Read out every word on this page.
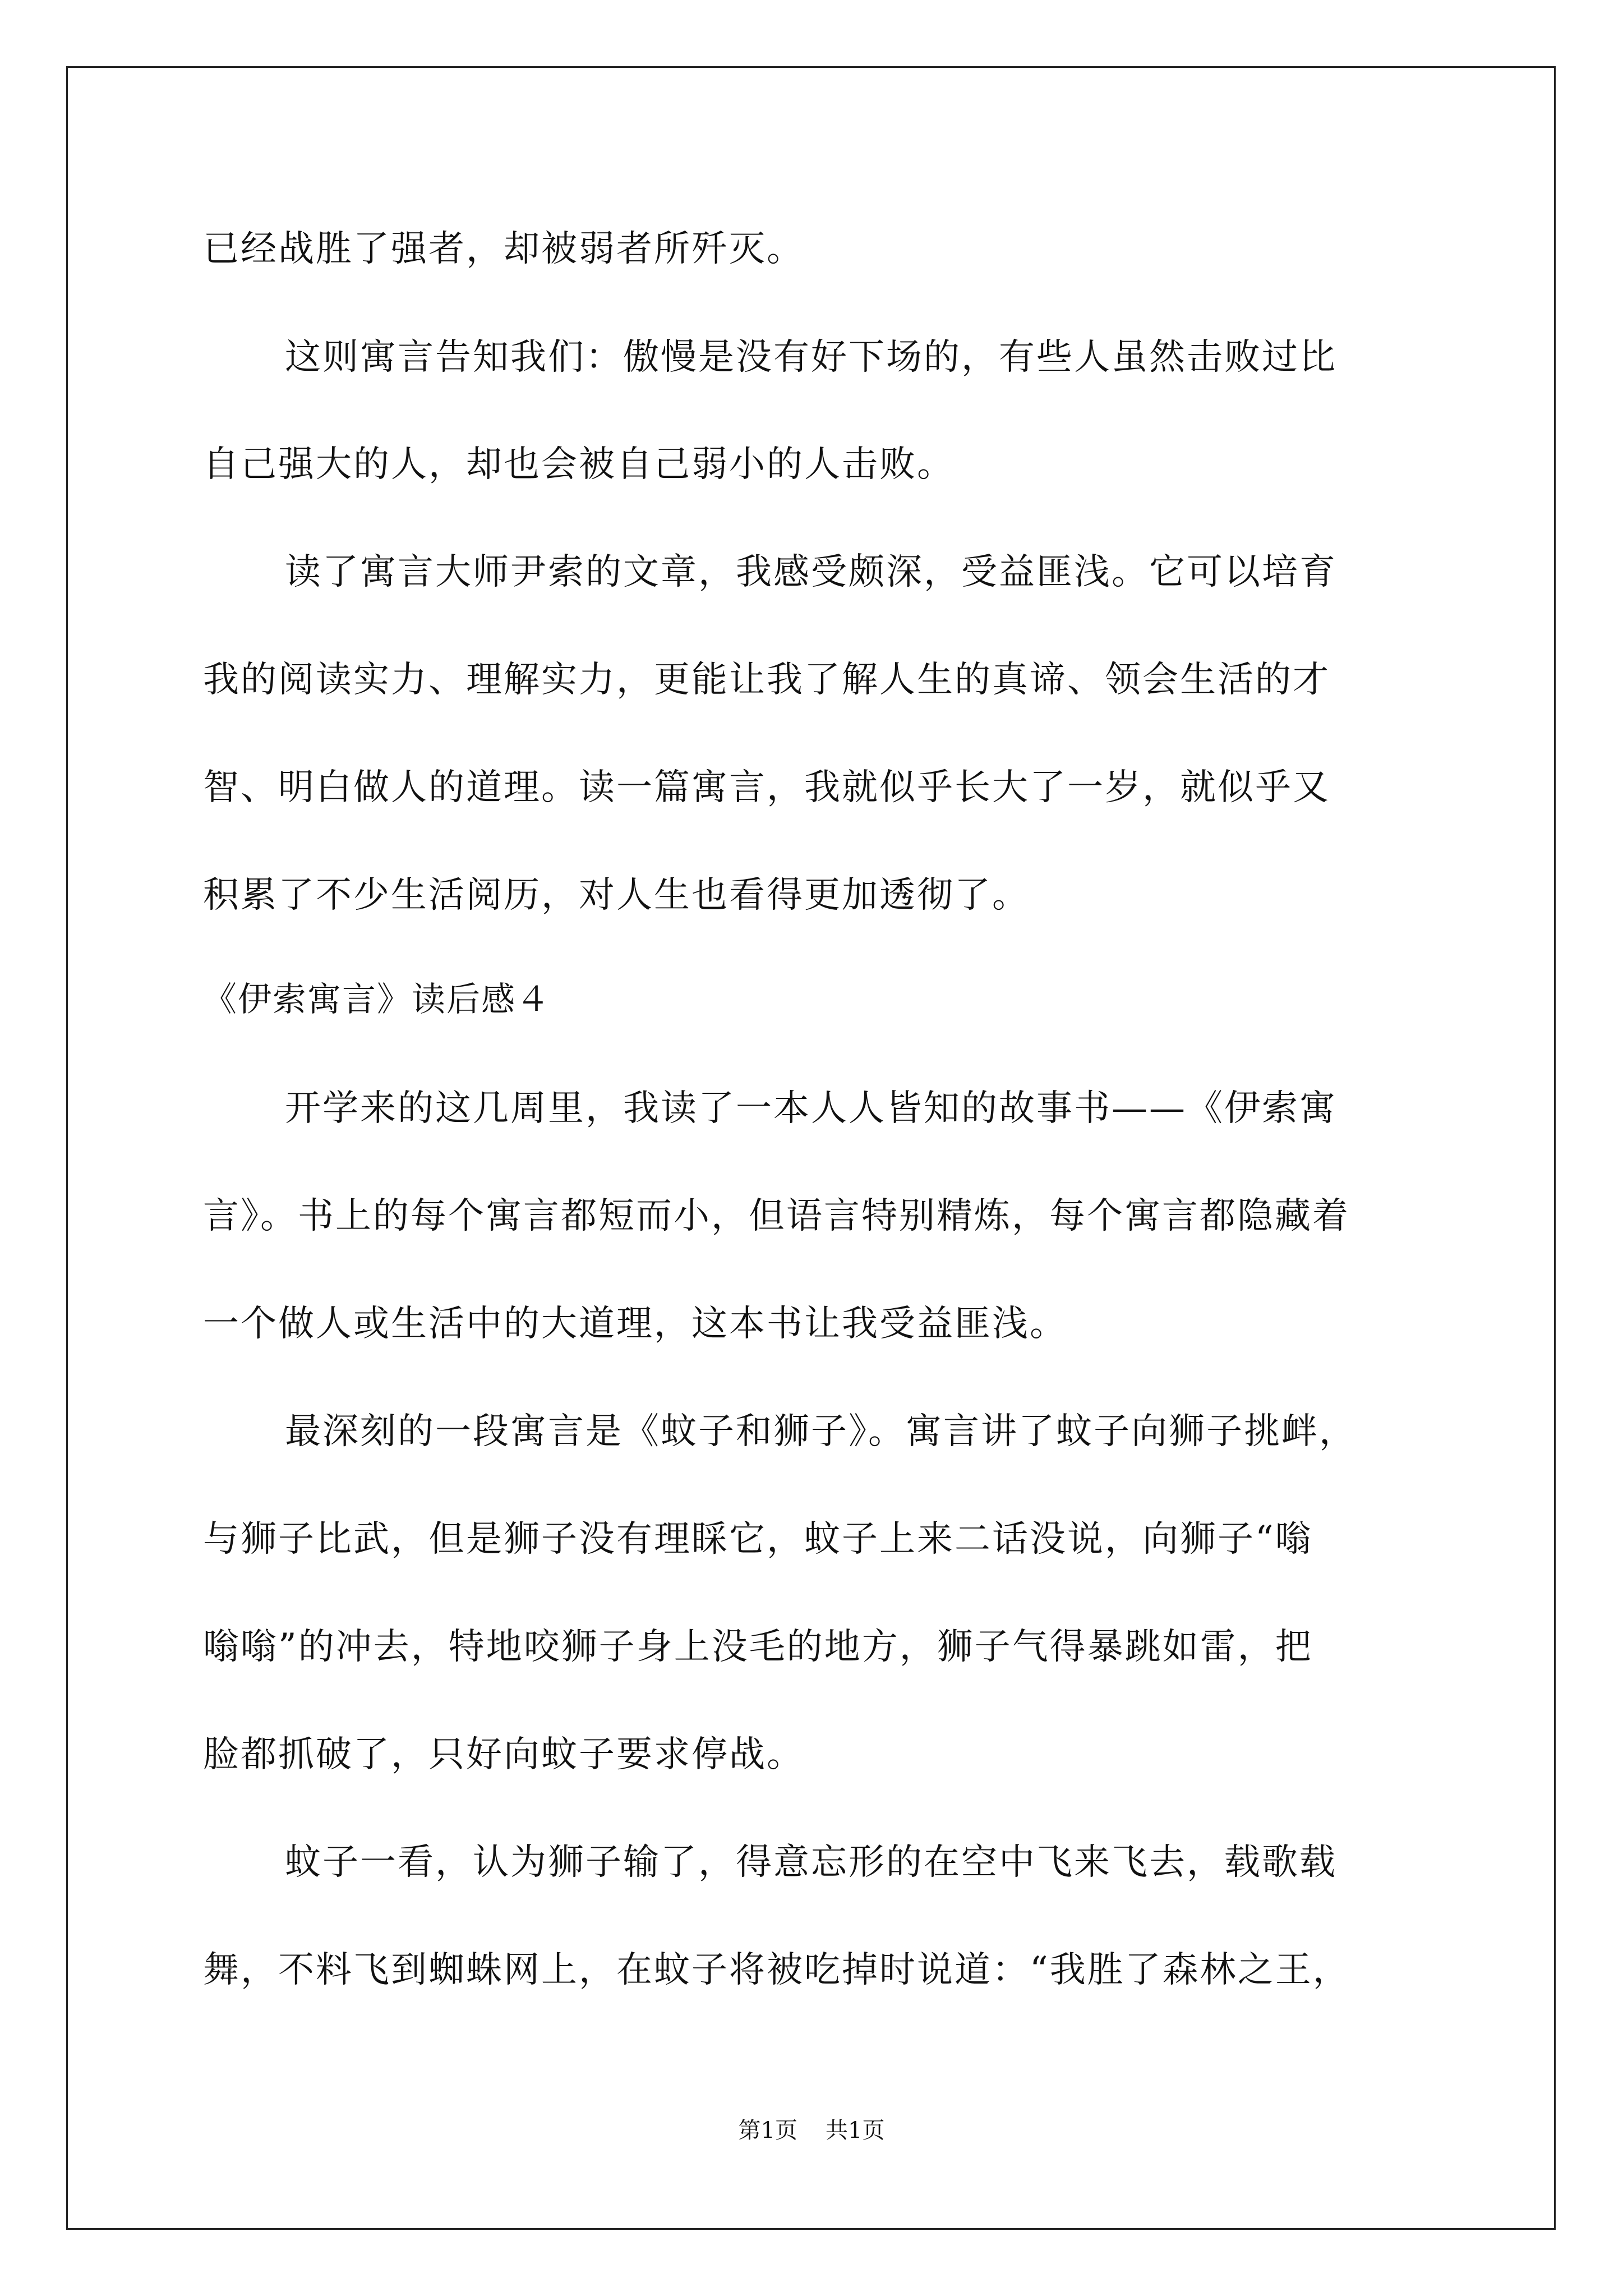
已经战胜了强者，却被弱者所歼灭。
这则寓言告知我们：傲慢是没有好下场的，有些人虽然击败过比
自己强大的人，却也会被自己弱小的人击败。
读了寓言大师尹索的文章，我感受颇深，受益匪浅。它可以培育
我的阅读实力、理解实力，更能让我了解人生的真谛、领会生活的才
智、明白做人的道理。读一篇寓言，我就似乎长大了一岁，就似乎又
积累了不少生活阅历，对人生也看得更加透彻了。
《伊索寓言》读后感４
开学来的这几周里，我读了一本人人皆知的故事书——《伊索寓
言》。书上的每个寓言都短而小，但语言特别精炼，每个寓言都隐藏着
一个做人或生活中的大道理，这本书让我受益匪浅。
最深刻的一段寓言是《蚊子和狮子》。寓言讲了蚊子向狮子挑衅，
与狮子比武，但是狮子没有理睬它，蚊子上来二话没说，向狮子“嗡
嗡嗡”的冲去，特地咬狮子身上没毛的地方，狮子气得暴跳如雷，把
脸都抓破了，只好向蚊子要求停战。
蚊子一看，认为狮子输了，得意忘形的在空中飞来飞去，载歌载
舞，不料飞到蜘蛛网上，在蚊子将被吃掉时说道：“我胜了森林之王，
第1页 共1页
